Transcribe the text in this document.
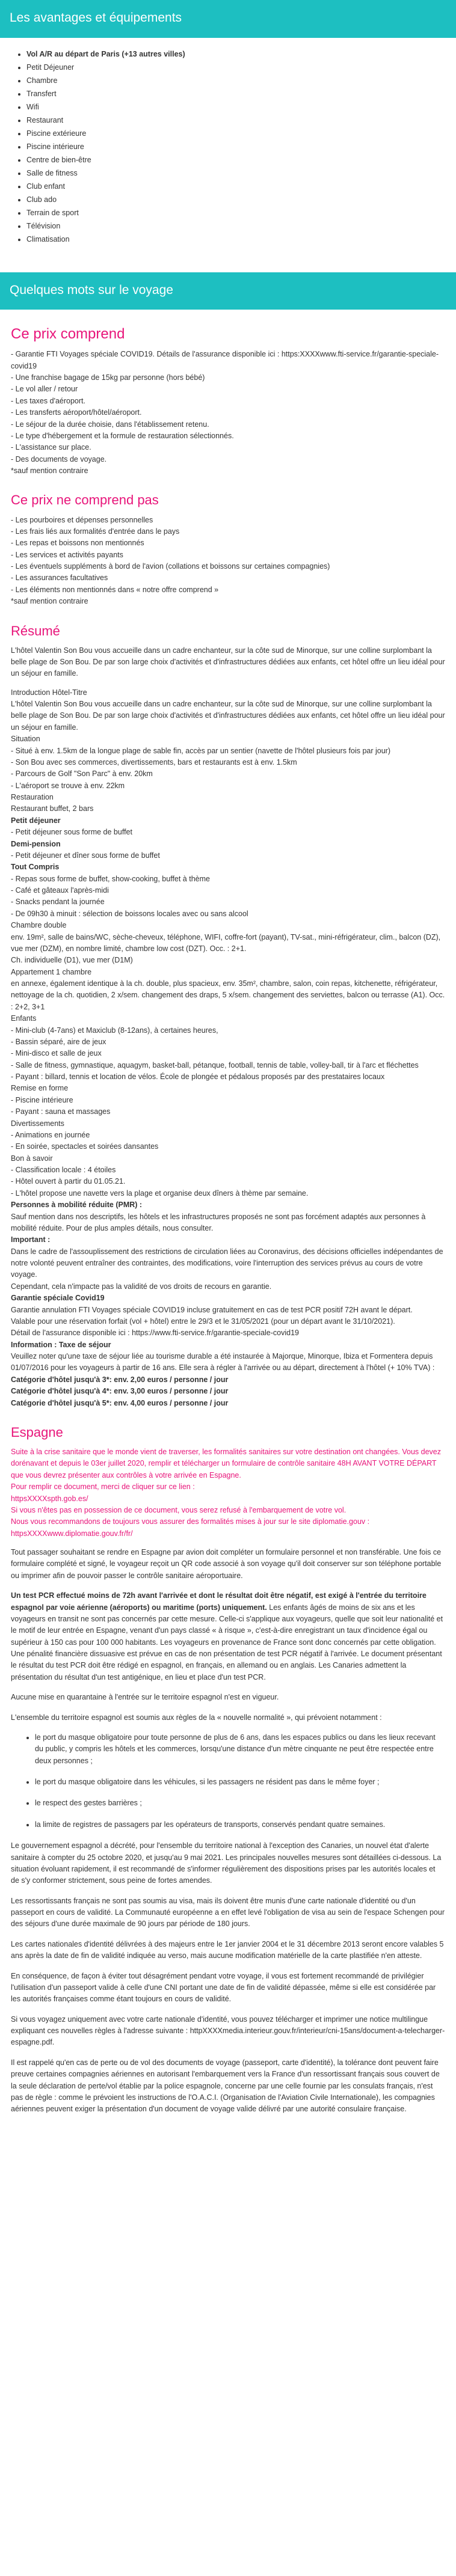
Les avantages et équipements
• Vol A/R au départ de Paris (+13 autres villes)
• Petit Déjeuner
• Chambre
• Transfert
• Wifi
• Restaurant
• Piscine extérieure
• Piscine intérieure
• Centre de bien-être
• Salle de fitness
• Club enfant
• Club ado
• Terrain de sport
• Télévision
• Climatisation
Quelques mots sur le voyage
Ce prix comprend
- Garantie FTI Voyages spéciale COVID19. Détails de l'assurance disponible ici : https:XXXXwww.fti-service.fr/garantie-speciale-covid19
- Une franchise bagage de 15kg par personne (hors bébé)
- Le vol aller / retour
- Les taxes d'aéroport.
- Les transferts aéroport/hôtel/aéroport.
- Le séjour de la durée choisie, dans l'établissement retenu.
- Le type d'hébergement et la formule de restauration sélectionnés.
- L'assistance sur place.
- Des documents de voyage.
*sauf mention contraire
Ce prix ne comprend pas
- Les pourboires et dépenses personnelles
- Les frais liés aux formalités d'entrée dans le pays
- Les repas et boissons non mentionnés
- Les services et activités payants
- Les éventuels suppléments à bord de l'avion (collations et boissons sur certaines compagnies)
- Les assurances facultatives
- Les éléments non mentionnés dans « notre offre comprend »
*sauf mention contraire
Résumé
L'hôtel Valentin Son Bou vous accueille dans un cadre enchanteur, sur la côte sud de Minorque, sur une colline surplombant la belle plage de Son Bou. De par son large choix d'activités et d'infrastructures dédiées aux enfants, cet hôtel offre un lieu idéal pour un séjour en famille.
Introduction Hôtel-Titre
L'hôtel Valentin Son Bou vous accueille dans un cadre enchanteur, sur la côte sud de Minorque, sur une colline surplombant la belle plage de Son Bou. De par son large choix d'activités et d'infrastructures dédiées aux enfants, cet hôtel offre un lieu idéal pour un séjour en famille.
Situation
- Situé à env. 1.5km de la longue plage de sable fin, accès par un sentier (navette de l'hôtel plusieurs fois par jour)
- Son Bou avec ses commerces, divertissements, bars et restaurants est à env. 1.5km
- Parcours de Golf "Son Parc" à env. 20km
- L'aéroport se trouve à env. 22km
Restauration
Restaurant buffet, 2 bars
Petit déjeuner
- Petit déjeuner sous forme de buffet
Demi-pension
- Petit déjeuner et dîner sous forme de buffet
Tout Compris
- Repas sous forme de buffet, show-cooking, buffet à thème
- Café et gâteaux l'après-midi
- Snacks pendant la journée
- De 09h30 à minuit : sélection de boissons locales avec ou sans alcool
Chambre double
env. 19m², salle de bains/WC, sèche-cheveux, téléphone, WIFI, coffre-fort (payant), TV-sat., mini-réfrigérateur, clim., balcon (DZ), vue mer (DZM), en nombre limité, chambre low cost (DZT). Occ. : 2+1.
Ch. individuelle (D1), vue mer (D1M)
Appartement 1 chambre
en annexe, également identique à la ch. double, plus spacieux, env. 35m², chambre, salon, coin repas, kitchenette, réfrigérateur, nettoyage de la ch. quotidien, 2 x/sem. changement des draps, 5 x/sem. changement des serviettes, balcon ou terrasse (A1). Occ. : 2+2, 3+1
Enfants
- Mini-club (4-7ans) et Maxiclub (8-12ans), à certaines heures,
- Bassin séparé, aire de jeux
- Mini-disco et salle de jeux
- Salle de fitness, gymnastique, aquagym, basket-ball, pétanque, football, tennis de table, volley-ball, tir à l'arc et fléchettes
- Payant : billard, tennis et location de vélos. École de plongée et pédalous proposés par des prestataires locaux
Remise en forme
- Piscine intérieure
- Payant : sauna et massages
Divertissements
- Animations en journée
- En soirée, spectacles et soirées dansantes
Bon à savoir
- Classification locale : 4 étoiles
- Hôtel ouvert à partir du 01.05.21.
- L'hôtel propose une navette vers la plage et organise deux dîners à thème par semaine.
Personnes à mobilité réduite (PMR) :
Sauf mention dans nos descriptifs, les hôtels et les infrastructures proposés ne sont pas forcément adaptés aux personnes à mobilité réduite. Pour de plus amples détails, nous consulter.
Important :
Dans le cadre de l'assouplissement des restrictions de circulation liées au Coronavirus, des décisions officielles indépendantes de notre volonté peuvent entraîner des contraintes, des modifications, voire l'interruption des services prévus au cours de votre voyage.
Cependant, cela n'impacte pas la validité de vos droits de recours en garantie.
Garantie spéciale Covid19
Garantie annulation FTI Voyages spéciale COVID19 incluse gratuitement en cas de test PCR positif 72H avant le départ.
Valable pour une réservation forfait (vol + hôtel) entre le 29/3 et le 31/05/2021 (pour un départ avant le 31/10/2021).
Détail de l'assurance disponible ici : https://www.fti-service.fr/garantie-speciale-covid19
Information : Taxe de séjour
Veuillez noter qu'une taxe de séjour liée au tourisme durable a été instaurée à Majorque, Minorque, Ibiza et Formentera depuis 01/07/2016 pour les voyageurs à partir de 16 ans. Elle sera à régler à l'arrivée ou au départ, directement à l'hôtel (+ 10% TVA) :
Catégorie d'hôtel jusqu'à 3*: env. 2,00 euros / personne / jour
Catégorie d'hôtel jusqu'à 4*: env. 3,00 euros / personne / jour
Catégorie d'hôtel jusqu'à 5*: env. 4,00 euros / personne / jour
Espagne
Suite à la crise sanitaire que le monde vient de traverser, les formalités sanitaires sur votre destination ont changées. Vous devez dorénavant et depuis le 03er juillet 2020, remplir et télécharger un formulaire de contrôle sanitaire 48H AVANT VOTRE DÉPART que vous devrez présenter aux contrôles à votre arrivée en Espagne.
Pour remplir ce document, merci de cliquer sur ce lien :
httpsXXXXspth.gob.es/
Si vous n'êtes pas en possession de ce document, vous serez refusé à l'embarquement de votre vol.
Nous vous recommandons de toujours vous assurer des formalités mises à jour sur le site diplomatie.gouv :
httpsXXXXwww.diplomatie.gouv.fr/fr/

Tout passager souhaitant se rendre en Espagne par avion doit compléter un formulaire personnel et non transférable. Une fois ce formulaire complété et signé, le voyageur reçoit un QR code associé à son voyage qu'il doit conserver sur son téléphone portable ou imprimer afin de pouvoir passer le contrôle sanitaire aéroportuaire.

Un test PCR effectué moins de 72h avant l'arrivée et dont le résultat doit être négatif, est exigé à l'entrée du territoire espagnol par voie aérienne (aéroports) ou maritime (ports) uniquement. Les enfants âgés de moins de six ans et les voyageurs en transit ne sont pas concernés par cette mesure. Celle-ci s'applique aux voyageurs, quelle que soit leur nationalité et le motif de leur entrée en Espagne, venant d'un pays classé « à risque », c'est-à-dire enregistrant un taux d'incidence égal ou supérieur à 150 cas pour 100 000 habitants. Les voyageurs en provenance de France sont donc concernés par cette obligation. Une pénalité financière dissuasive est prévue en cas de non présentation de test PCR négatif à l'arrivée. Le document présentant le résultat du test PCR doit être rédigé en espagnol, en français, en allemand ou en anglais. Les Canaries admettent la présentation du résultat d'un test antigénique, en lieu et place d'un test PCR.

Aucune mise en quarantaine à l'entrée sur le territoire espagnol n'est en vigueur.

L'ensemble du territoire espagnol est soumis aux règles de la « nouvelle normalité », qui prévoient notamment :

• le port du masque obligatoire pour toute personne de plus de 6 ans, dans les espaces publics ou dans les lieux recevant du public, y compris les hôtels et les commerces, lorsqu'une distance d'un mètre cinquante ne peut être respectée entre deux personnes ;
• le port du masque obligatoire dans les véhicules, si les passagers ne résident pas dans le même foyer ;
• le respect des gestes barrières ;
• la limite de registres de passagers par les opérateurs de transports, conservés pendant quatre semaines.

Le gouvernement espagnol a décrété, pour l'ensemble du territoire national à l'exception des Canaries, un nouvel état d'alerte sanitaire à compter du 25 octobre 2020, et jusqu'au 9 mai 2021. Les principales nouvelles mesures sont détaillées ci-dessous. La situation évoluant rapidement, il est recommandé de s'informer régulièrement des dispositions prises par les autorités locales et de s'y conformer strictement, sous peine de fortes amendes.

Les ressortissants français ne sont pas soumis au visa, mais ils doivent être munis d'une carte nationale d'identité ou d'un passeport en cours de validité. La Communauté européenne a en effet levé l'obligation de visa au sein de l'espace Schengen pour des séjours d'une durée maximale de 90 jours par période de 180 jours.

Les cartes nationales d'identité délivrées à des majeurs entre le 1er janvier 2004 et le 31 décembre 2013 seront encore valables 5 ans après la date de fin de validité indiquée au verso, mais aucune modification matérielle de la carte plastifiée n'en atteste.

En conséquence, de façon à éviter tout désagrément pendant votre voyage, il vous est fortement recommandé de privilégier l'utilisation d'un passeport valide à celle d'une CNI portant une date de fin de validité dépassée, même si elle est considérée par les autorités françaises comme étant toujours en cours de validité.

Si vous voyagez uniquement avec votre carte nationale d'identité, vous pouvez télécharger et imprimer une notice multilingue expliquant ces nouvelles règles à l'adresse suivante : httpXXXXmedia.interieur.gouv.fr/interieur/cni-15ans/document-a-telecharger-espagne.pdf.

Il est rappelé qu'en cas de perte ou de vol des documents de voyage (passeport, carte d'identité), la tolérance dont peuvent faire preuve certaines compagnies aériennes en autorisant l'embarquement vers la France d'un ressortissant français sous couvert de la seule déclaration de perte/vol établie par la police espagnole, concerne par une celle fournie par les consulats français, n'est pas de règle : comme le prévoient les instructions de l'O.A.C.I. (Organisation de l'Aviation Civile Internationale), les compagnies aériennes peuvent exiger la présentation d'un document de voyage valide délivré par une autorité consulaire française.
